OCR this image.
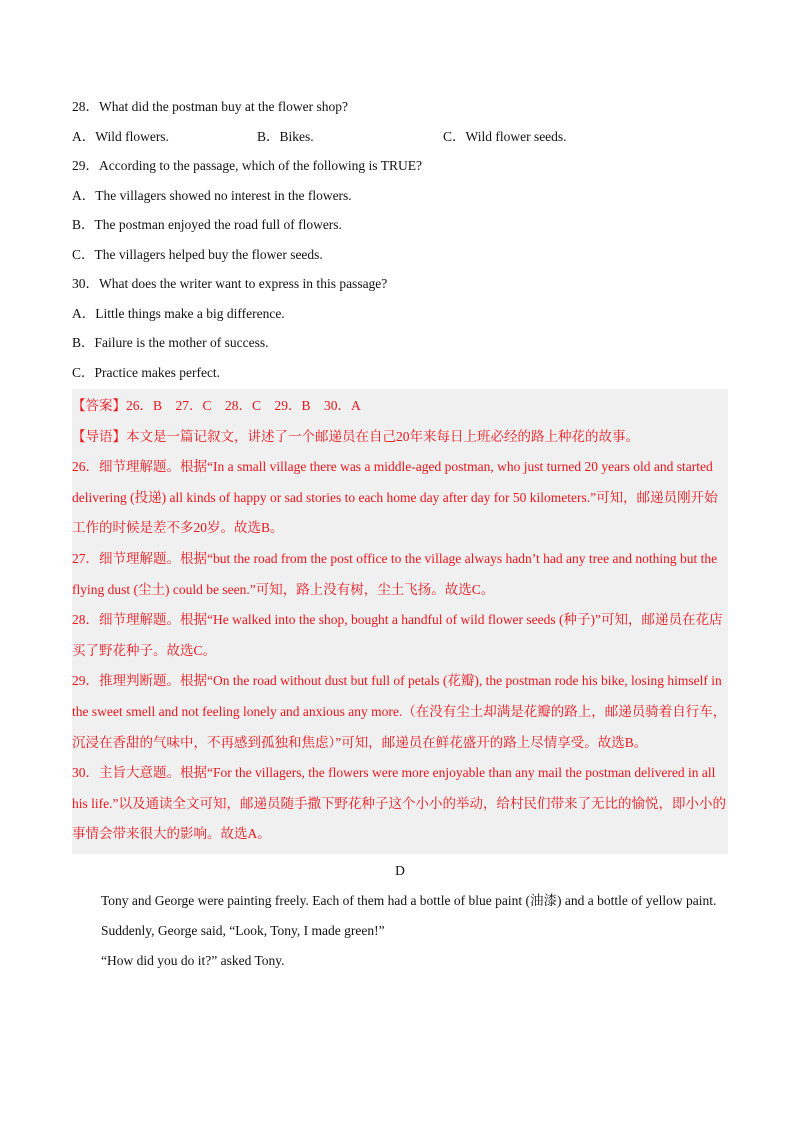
28．What did the postman buy at the flower shop?
A．Wild flowers.	B．Bikes.	C．Wild flower seeds.
29．According to the passage, which of the following is TRUE?
A．The villagers showed no interest in the flowers.
B．The postman enjoyed the road full of flowers.
C．The villagers helped buy the flower seeds.
30．What does the writer want to express in this passage?
A．Little things make a big difference.
B．Failure is the mother of success.
C．Practice makes perfect.
【答案】26．B　27．C　28．C　29．B　30．A
【导语】本文是一篇记叙文，讲述了一个邮递员在自己20年来每日上班必经的路上种花的故事。
26．细节理解题。根据“In a small village there was a middle-aged postman, who just turned 20 years old and started delivering (投递) all kinds of happy or sad stories to each home day after day for 50 kilometers.”可知，邮递员刚开始工作的时候是差不多20岁。故选B。
27．细节理解题。根据“but the road from the post office to the village always hadn’t had any tree and nothing but the flying dust (尘土) could be seen.”可知，路上没有树，尘土飞扬。故选C。
28．细节理解题。根据“He walked into the shop, bought a handful of wild flower seeds (种子)”可知，邮递员在花店买了野花种子。故选C。
29．推理判断题。根据“On the road without dust but full of petals (花瓣), the postman rode his bike, losing himself in the sweet smell and not feeling lonely and anxious any more.（在没有尘土却满是花瓣的路上，邮递员骑着自行车，沉浸在香甜的气味中，不再感到孤独和焦虑）”可知，邮递员在鲜花盛开的路上尽情享受。故选B。
30．主旨大意题。根据“For the villagers, the flowers were more enjoyable than any mail the postman delivered in all his life.”以及通读全文可知，邮递员随手撒下野花种子这个小小的举动，给村民们带来了无比的愉悦，即小小的事情会带来很大的影响。故选A。
D
Tony and George were painting freely. Each of them had a bottle of blue paint (油漆) and a bottle of yellow paint.
Suddenly, George said, “Look, Tony, I made green!”
“How did you do it?” asked Tony.
